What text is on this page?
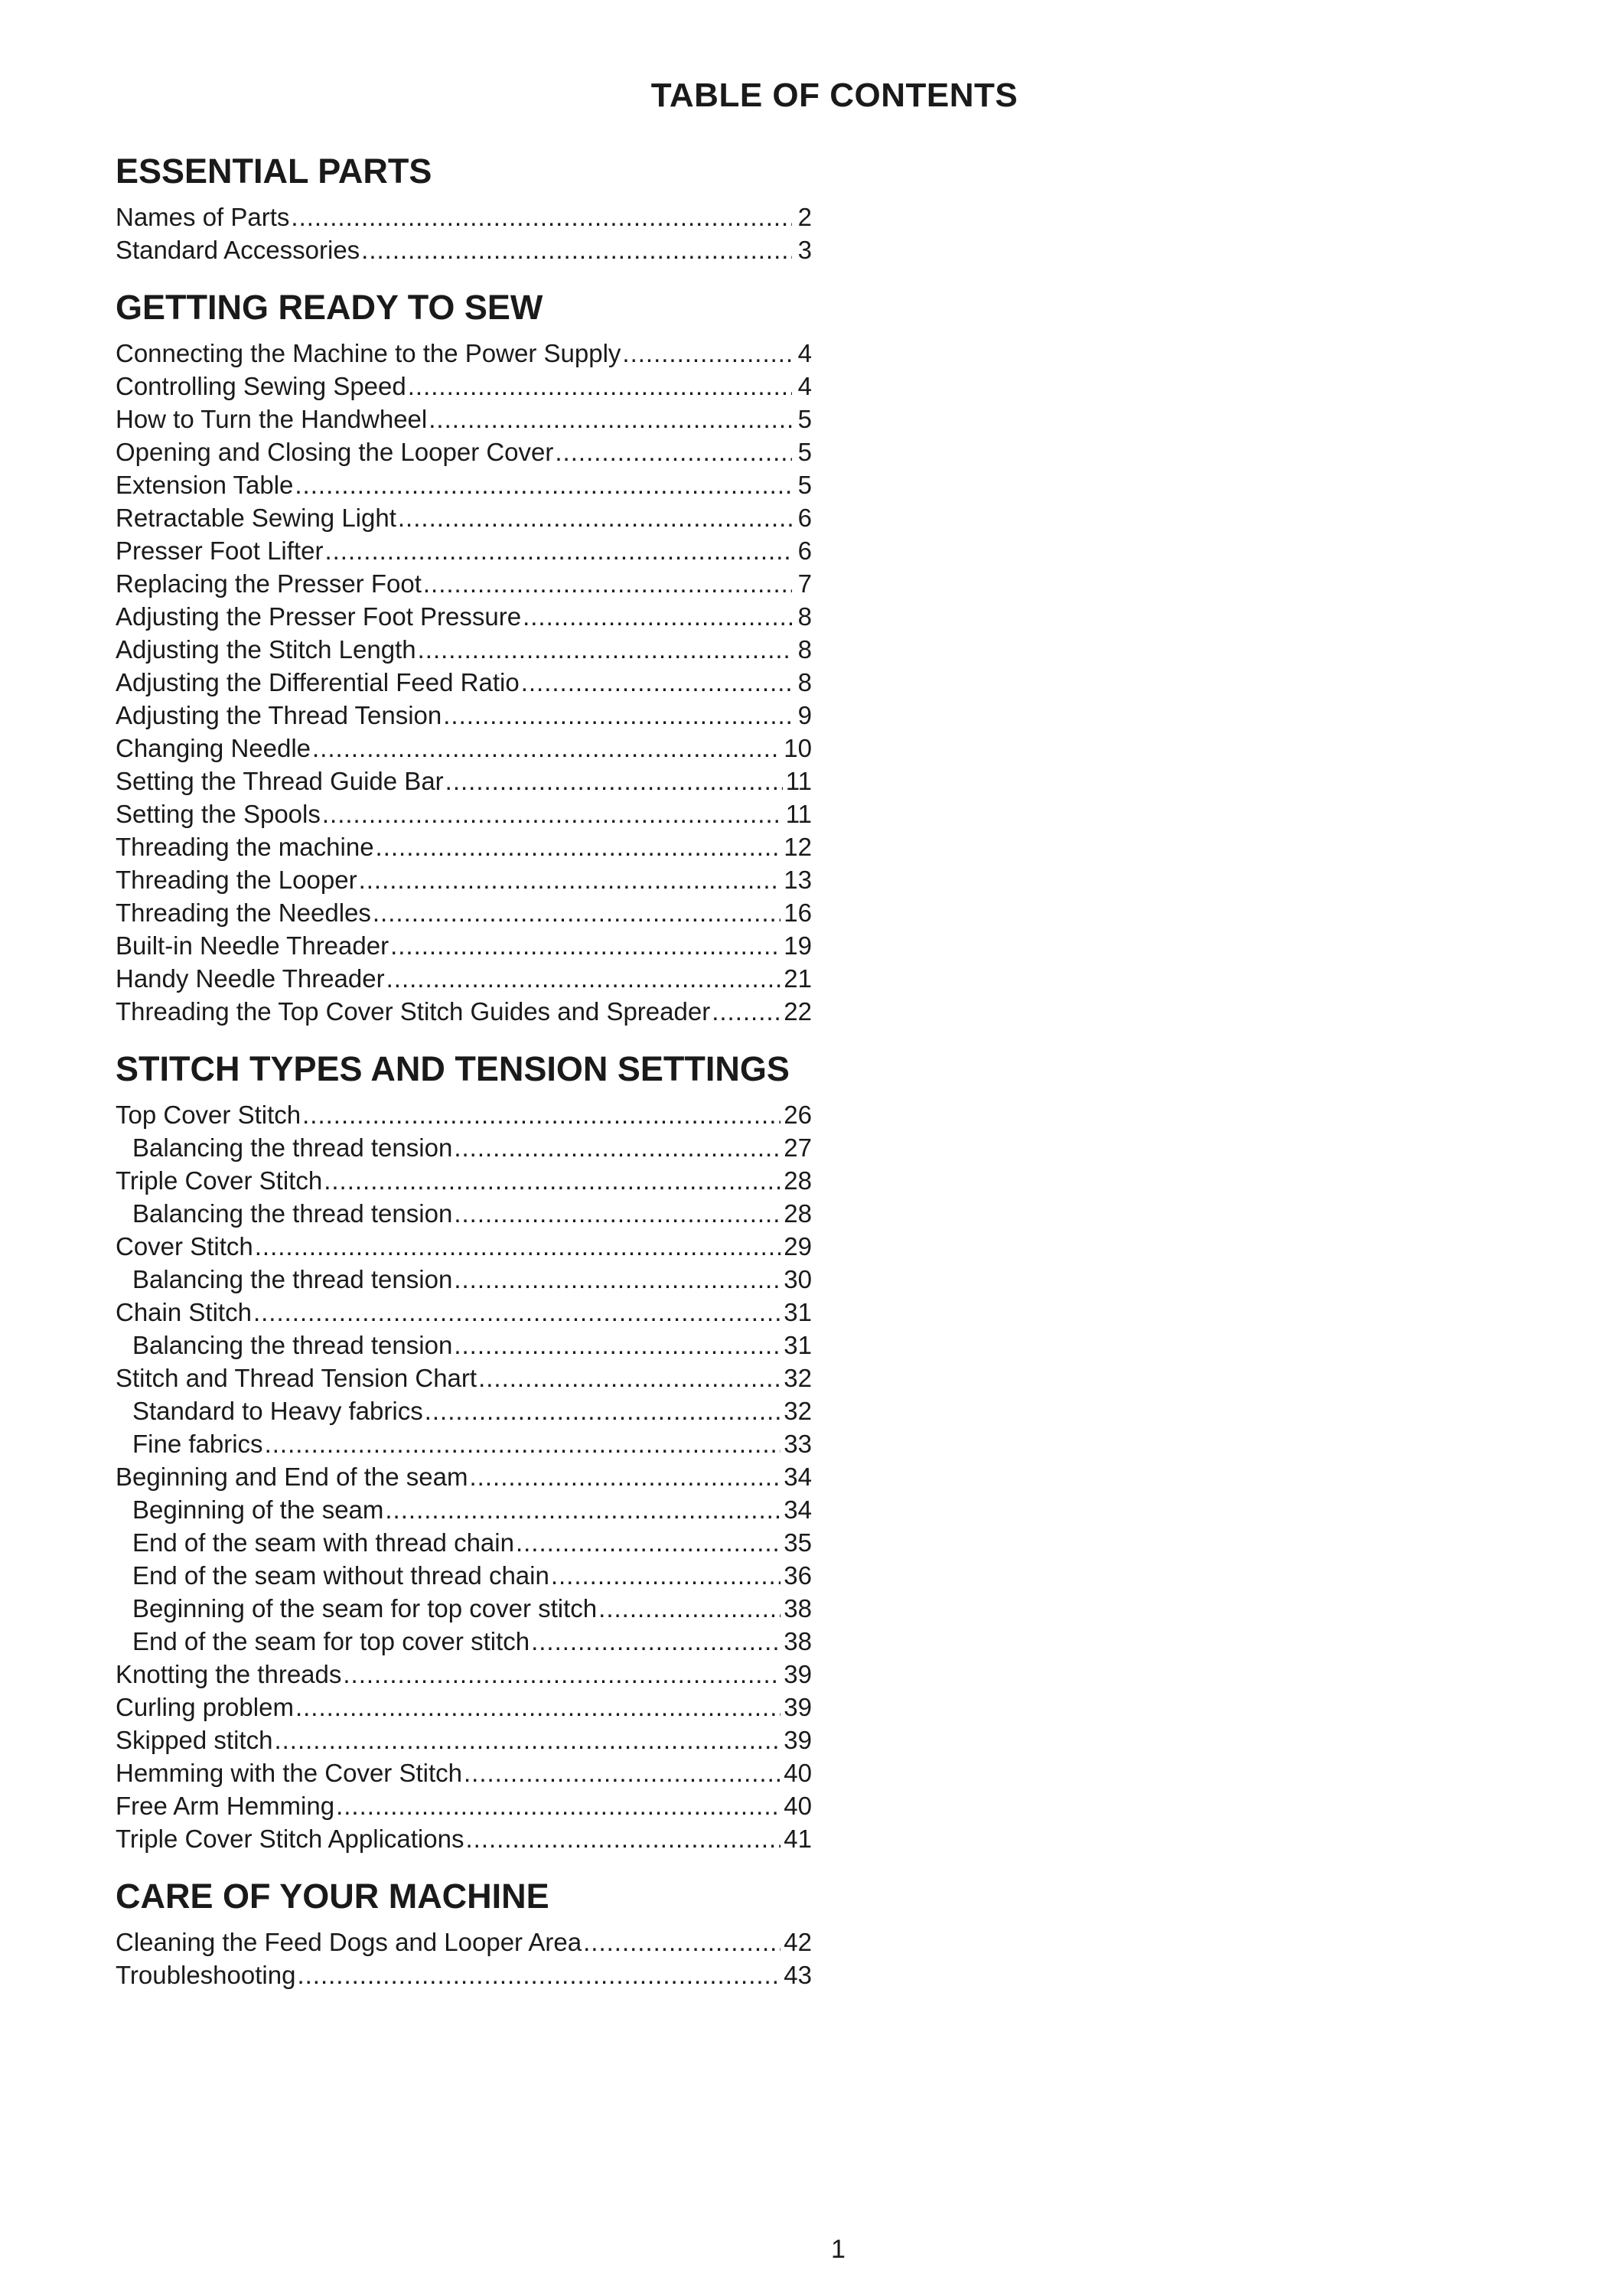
TABLE OF CONTENTS
ESSENTIAL PARTS
Names of Parts .....	2
Standard Accessories .....	3
GETTING READY TO SEW
Connecting the Machine to the Power Supply .....	4
Controlling Sewing Speed .....	4
How to Turn the Handwheel .....	5
Opening and Closing the Looper Cover .....	5
Extension Table .....	5
Retractable Sewing Light .....	6
Presser Foot Lifter .....	6
Replacing the Presser Foot .....	7
Adjusting the Presser Foot Pressure .....	8
Adjusting the Stitch Length .....	8
Adjusting the Differential Feed Ratio .....	8
Adjusting the Thread Tension .....	9
Changing Needle .....	10
Setting the Thread Guide Bar .....	11
Setting the Spools .....	11
Threading the machine .....	12
Threading the Looper .....	13
Threading the Needles .....	16
Built-in Needle Threader .....	19
Handy Needle Threader .....	21
Threading the Top Cover Stitch Guides and Spreader .....	22
STITCH TYPES AND TENSION SETTINGS
Top Cover Stitch .....	26
Balancing the thread tension .....	27
Triple Cover Stitch .....	28
Balancing the thread tension .....	28
Cover Stitch .....	29
Balancing the thread tension .....	30
Chain Stitch .....	31
Balancing the thread tension .....	31
Stitch and Thread Tension Chart .....	32
Standard to Heavy fabrics .....	32
Fine fabrics .....	33
Beginning and End of the seam .....	34
Beginning of the seam .....	34
End of the seam with thread chain .....	35
End of the seam without thread chain .....	36
Beginning of the seam for top cover stitch .....	38
End of the seam for top cover stitch .....	38
Knotting the threads .....	39
Curling problem .....	39
Skipped stitch .....	39
Hemming with the Cover Stitch .....	40
Free Arm Hemming .....	40
Triple Cover Stitch Applications .....	41
CARE OF YOUR MACHINE
Cleaning the Feed Dogs and Looper Area .....	42
Troubleshooting .....	43
1
